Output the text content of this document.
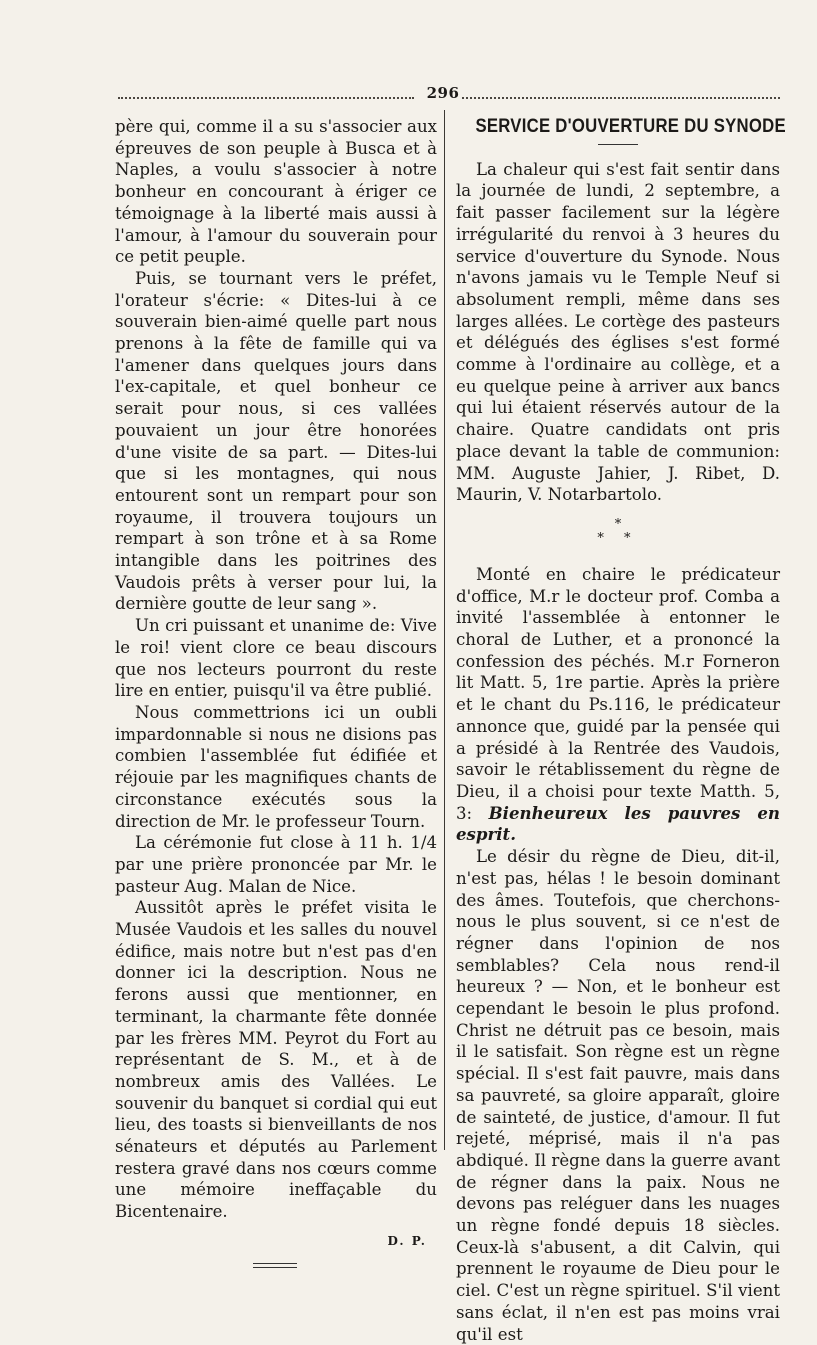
296

père qui, comme il a su s'associer aux épreuves de son peuple à Busca et à Naples, a voulu s'associer à notre bonheur en concourant à ériger ce témoignage à la liberté mais aussi à l'amour, à l'amour du souverain pour ce petit peuple.

Puis, se tournant vers le préfet, l'orateur s'écrie: « Dites-lui à ce souverain bien-aimé quelle part nous prenons à la fête de famille qui va l'amener dans quelques jours dans l'ex-capitale, et quel bonheur ce serait pour nous, si ces vallées pouvaient un jour être honorées d'une visite de sa part. — Dites-lui que si les montagnes, qui nous entourent sont un rempart pour son royaume, il trouvera toujours un rempart à son trône et à sa Rome intangible dans les poitrines des Vaudois prêts à verser pour lui, la dernière goutte de leur sang ».

Un cri puissant et unanime de: Vive le roi! vient clore ce beau discours que nos lecteurs pourront du reste lire en entier, puisqu'il va être publié.

Nous commettrions ici un oubli impardonnable si nous ne disions pas combien l'assemblée fut édifiée et réjouie par les magnifiques chants de circonstance exécutés sous la direction de Mr. le professeur Tourn.

La cérémonie fut close à 11 h. 1/4 par une prière prononcée par Mr. le pasteur Aug. Malan de Nice.

Aussitôt après le préfet visita le Musée Vaudois et les salles du nouvel édifice, mais notre but n'est pas d'en donner ici la description. Nous ne ferons aussi que mentionner, en terminant, la charmante fête donnée par les frères MM. Peyrot du Fort au représentant de S. M., et à de nombreux amis des Vallées. Le souvenir du banquet si cordial qui eut lieu, des toasts si bienveillants de nos sénateurs et députés au Parlement restera gravé dans nos cœurs comme une mémoire ineffaçable du Bicentenaire.

D. P.
SERVICE D'OUVERTURE DU SYNODE

La chaleur qui s'est fait sentir dans la journée de lundi, 2 septembre, a fait passer facilement sur la légère irrégularité du renvoi à 3 heures du service d'ouverture du Synode. Nous n'avons jamais vu le Temple Neuf si absolument rempli, même dans ses larges allées. Le cortège des pasteurs et délégués des églises s'est formé comme à l'ordinaire au collège, et a eu quelque peine à arriver aux bancs qui lui étaient réservés autour de la chaire. Quatre candidats ont pris place devant la table de communion: MM. Auguste Jahier, J. Ribet, D. Maurin, V. Notarbartolo.

*
* *

Monté en chaire le prédicateur d'office, M.r le docteur prof. Comba a invité l'assemblée à entonner le choral de Luther, et a prononcé la confession des péchés. M.r Forneron lit Matt. 5, 1re partie. Après la prière et le chant du Ps.116, le prédicateur annonce que, guidé par la pensée qui a présidé à la Rentrée des Vaudois, savoir le rétablissement du règne de Dieu, il a choisi pour texte Matth. 5, 3: Bienheureux les pauvres en esprit.

Le désir du règne de Dieu, dit-il, n'est pas, hélas ! le besoin dominant des âmes. Toutefois, que cherchons-nous le plus souvent, si ce n'est de régner dans l'opinion de nos semblables? Cela nous rend-il heureux ? — Non, et le bonheur est cependant le besoin le plus profond. Christ ne détruit pas ce besoin, mais il le satisfait. Son règne est un règne spécial. Il s'est fait pauvre, mais dans sa pauvreté, sa gloire apparaît, gloire de sainteté, de justice, d'amour. Il fut rejeté, méprisé, mais il n'a pas abdiqué. Il règne dans la guerre avant de régner dans la paix. Nous ne devons pas reléguer dans les nuages un règne fondé depuis 18 siècles. Ceux-là s'abusent, a dit Calvin, qui prennent le royaume de Dieu pour le ciel. C'est un règne spirituel. S'il vient sans éclat, il n'en est pas moins vrai qu'il est
